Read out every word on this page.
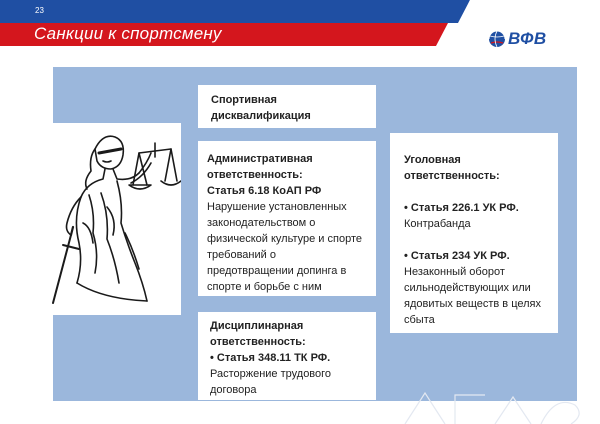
23
Санкции к спортсмену	ВФВ
Спортивная
дисквалификация
Административная
ответственность:
Статья 6.18 КоАП РФ
Нарушение установленных
законодательством о
физической культуре и спорте
требований о
предотвращении допинга в
спорте и борьбе с ним
Дисциплинарная
ответственность:
• Статья 348.11 ТК РФ.
Расторжение трудового
договора
Уголовная
ответственность:
• Статья 226.1 УК РФ.
Контрабанда
• Статья 234 УК РФ.
Незаконный оборот
сильнодействующих или
ядовитых веществ в целях
сбыта
